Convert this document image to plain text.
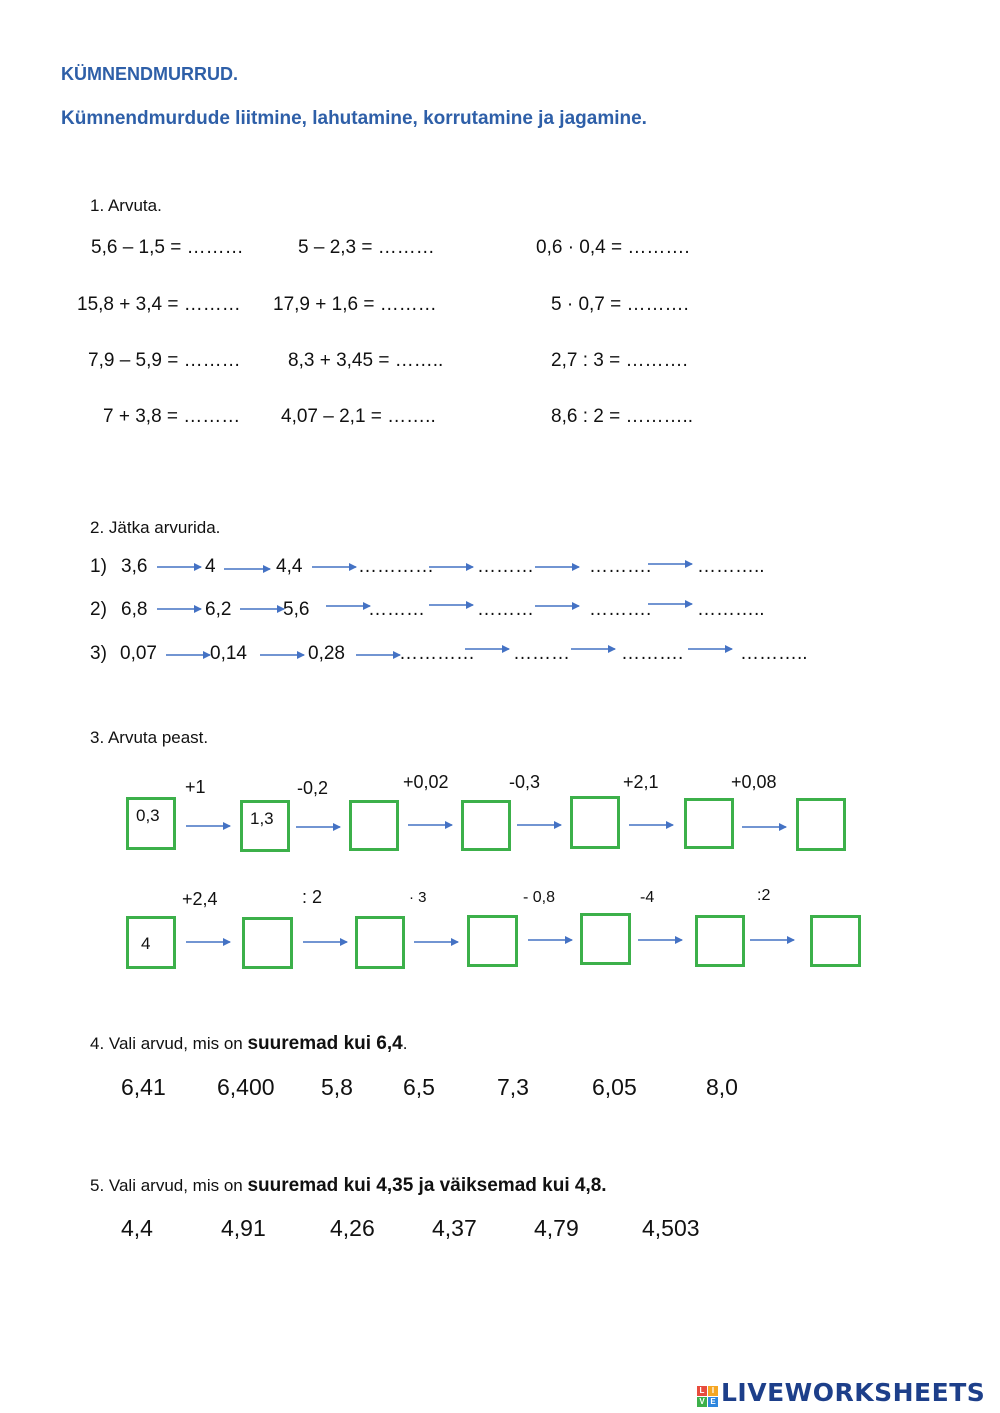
KÜMNENDMURRUD.
Kümnendmurdude liitmine, lahutamine, korrutamine ja jagamine.
1. Arvuta.
5,6 – 1,5 = ………	5 – 2,3 = ………	0,6 · 0,4 = ……….
15,8 + 3,4 = ……… 17,9 + 1,6 = ………	5 · 0,7 = ……….
7,9 – 5,9 = ……… 8,3 + 3,45 = ……..	2,7 : 3 = ……….
7 + 3,8 = ……… 4,07 – 2,1 = ……..	8,6 : 2 = ………..
2. Jätka arvurida.
1) 3,6	4	4,4	………… ………	………. ………..
2) 6,8	6,2	5,6	………	………	………. ………..
3) 0,07	0,14	0,28	………… ………	……….	………..
3. Arvuta peast.
+1	-0,2	+0,02	-0,3	+2,1	+0,08
0,3	1,3
+2,4	: 2	· 3	- 0,8	-4	:2
4
4. Vali arvud, mis on suuremad kui 6,4.
6,41 6,400 5,8 6,5	7,3	6,05	8,0
5. Vali arvud, mis on suuremad kui 4,35 ja väiksemad kui 4,8.
4,4	4,91	4,26 4,37 4,79	4,503
L I
V E LIVEWORKSHEETS
